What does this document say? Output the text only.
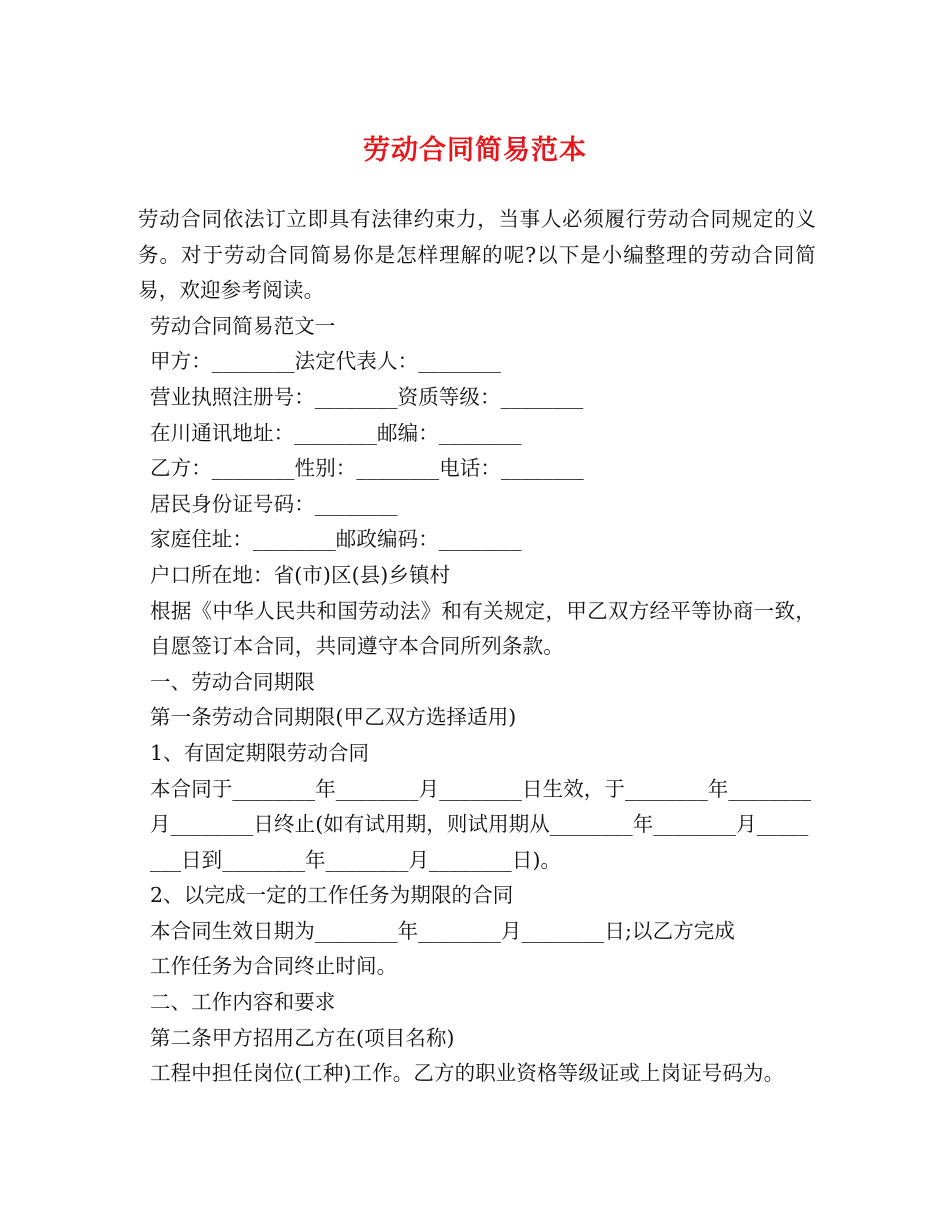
劳动合同简易范本

劳动合同依法订立即具有法律约束力，当事人必须履行劳动合同规定的义务。对于劳动合同简易你是怎样理解的呢?以下是小编整理的劳动合同简易，欢迎参考阅读。

劳动合同简易范文一

甲方：________法定代表人：________

营业执照注册号：________资质等级：________

在川通讯地址：________邮编：________

乙方：________性别：________电话：________

居民身份证号码：________

家庭住址：________邮政编码：________

户口所在地：省(市)区(县)乡镇村

根据《中华人民共和国劳动法》和有关规定，甲乙双方经平等协商一致，自愿签订本合同，共同遵守本合同所列条款。

一、劳动合同期限

第一条劳动合同期限(甲乙双方选择适用)

1、有固定期限劳动合同

本合同于________年________月________日生效，于________年________月________日终止(如有试用期，则试用期从________年________月________日到________年________月________日)。

2、以完成一定的工作任务为期限的合同

本合同生效日期为________年________月________日;以乙方完成

工作任务为合同终止时间。

二、工作内容和要求

第二条甲方招用乙方在(项目名称)

工程中担任岗位(工种)工作。乙方的职业资格等级证或上岗证号码为。
